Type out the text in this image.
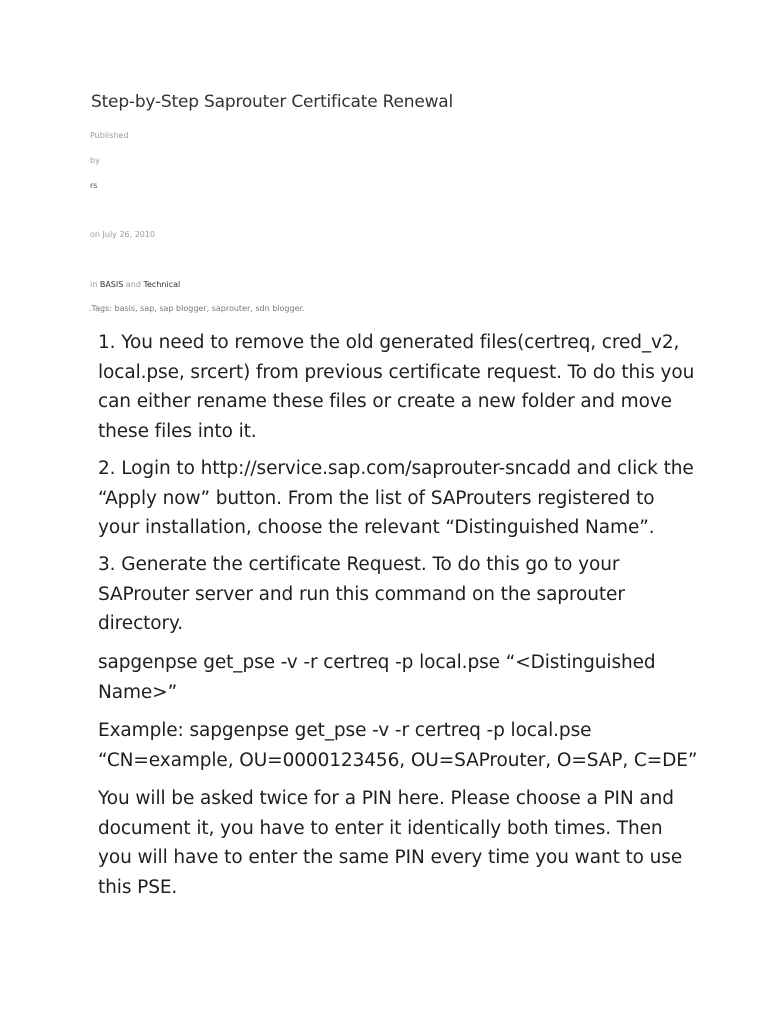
Step-by-Step Saprouter Certificate Renewal
Published
by
rs
on July 26, 2010
in BASIS and Technical
.Tags: basis, sap, sap blogger, saprouter, sdn blogger.

1. You need to remove the old generated files(certreq, cred_v2, local.pse, srcert) from previous certificate request. To do this you can either rename these files or create a new folder and move these files into it.

2. Login to http://service.sap.com/saprouter-sncadd and click the “Apply now” button. From the list of SAProuters registered to your installation, choose the relevant “Distinguished Name”.

3. Generate the certificate Request. To do this go to your SAProuter server and run this command on the saprouter directory.

sapgenpse get_pse -v -r certreq -p local.pse “<Distinguished Name>”

Example: sapgenpse get_pse -v -r certreq -p local.pse “CN=example, OU=0000123456, OU=SAProuter, O=SAP, C=DE”

You will be asked twice for a PIN here. Please choose a PIN and document it, you have to enter it identically both times. Then you will have to enter the same PIN every time you want to use this PSE.
